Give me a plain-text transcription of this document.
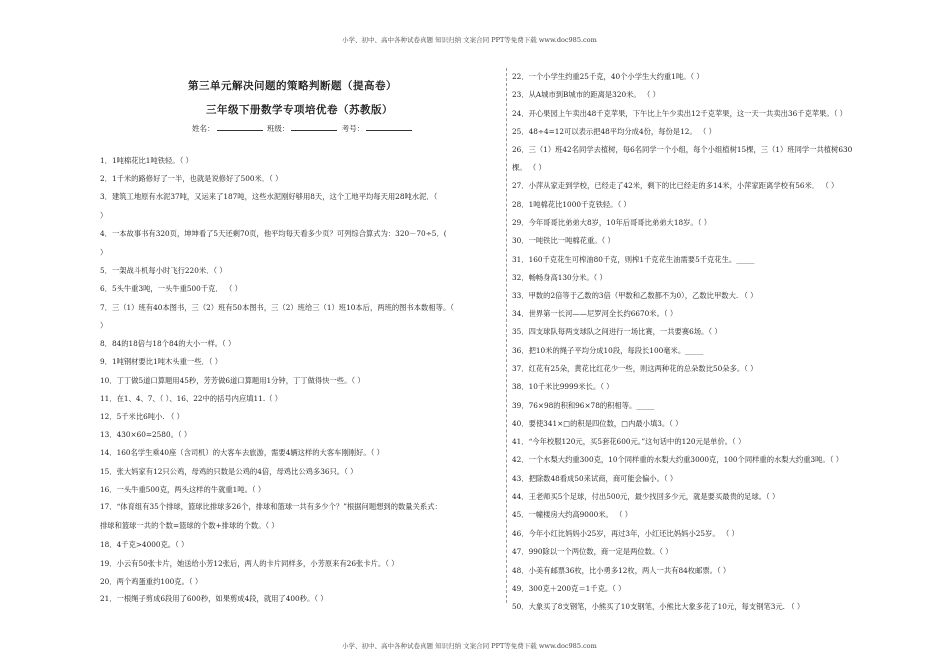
小学、初中、高中各种试卷真题 知识归纳 文案合同 PPT等免费下载 www.doc985.com
第三单元解决问题的策略判断题（提高卷）
三年级下册数学专项培优卷（苏教版）
姓名：	班级：	考号：
1．1吨棉花比1吨铁轻。（ ）
2．1千米的路修好了一半，也就是说修好了500米．（ ）
3．建筑工地原有水泥37吨，又运来了187吨，这些水泥刚好够用8天，这个工地平均每天用28吨水泥．（
）
4．一本故事书有320页，坤坤看了5天还剩70页，他平均每天看多少页？可列综合算式为：320－70÷5．(
）
5．一架战斗机每小时飞行220米．（ ）
6．5头牛重3吨，一头牛重500千克． （ ）
7．三（1）班有40本图书，三（2）班有50本图书，三（2）班给三（1）班10本后，两班的图书本数相等。（
）
8．84的18倍与18个84的大小一样。（ ）
9．1吨钢材要比1吨木头重一些．（ ）
10．丁丁做5道口算题用45秒，芳芳做6道口算题用1分钟，丁丁做得快一些。（ ）
11．在1、4、7、（ ）、16、22中的括号内应填11.（ ）
12．5千米比6吨小. （ ）
13．430×60=2580。（ ）
14．160名学生乘40座（含司机）的大客车去旅游，需要4辆这样的大客车刚刚好。（ ）
15．张大妈家有12只公鸡，母鸡的只数是公鸡的4倍，母鸡比公鸡多36只。（ ）
16．一头牛重500克，两头这样的牛就重1吨。（ ）
17．“体育组有35个排球，篮球比排球多26个，排球和篮球一共有多少个？”根据问题想到的数量关系式：
排球和篮球一共的个数=篮球的个数+排球的个数。（ ）
18．4千克>4000克。（ ）
19．小云有50张卡片，她送给小芳12张后，两人的卡片同样多，小芳原来有26张卡片。（ ）
20．两个鸡蛋重约100克。（ ）
21．一根绳子剪成6段用了600秒，如果剪成4段，就用了400秒。（ ）
22．一个小学生约重25千克，40个小学生大约重1吨。（ ）
23．从A城市到B城市的距离是320米。 （ ）
24．开心果园上午卖出48千克苹果，下午比上午少卖出12千克苹果，这一天一共卖出36千克苹果。（ ）
25．48÷4=12可以表示把48平均分成4份，每份是12。 （ ）
26．三（1）班42名同学去植树，每6名同学一个小组，每个小组植树15棵，三（1）班同学一共植树630
棵。 （ ）
27．小萍从家走到学校，已经走了42米，剩下的比已经走的多14米，小萍家距离学校有56米． （ ）
28．1吨棉花比1000千克铁轻。（ ）
29．今年哥哥比弟弟大8岁，10年后哥哥比弟弟大18岁。（ ）
30．一吨铁比一吨棉花重。（ ）
31．160千克花生可榨油80千克，则榨1千克花生油需要5千克花生。_____
32．畅畅身高130分米。（ ）
33．甲数的2倍等于乙数的3倍（甲数和乙数都不为0），乙数比甲数大. （ ）
34．世界第一长河——尼罗河全长约6670米。（ ）
35．四支球队每两支球队之间进行一场比赛，一共要赛6场。（ ）
36．把10米的绳子平均分成10段，每段长100毫米。_____
37．红花有25朵，黄花比红花少一些，则这两种花的总朵数比50朵多。（ ）
38．10千米比9999米长。（ ）
39．76×98的积和96×78的积相等。_____
40．要使341×□的积是四位数，□内最小填3。（ ）
41．“今年校服120元，买5套花600元。”这句话中的120元是单价。（ ）
42．一个水梨大约重300克，10个同样重的水梨大约重3000克，100个同样重的水梨大约重3吨。（ ）
43．把除数48看成50来试商，商可能会偏小。（ ）
44．王老师买5个足球，付出500元，最少找回多少元，就是要买最贵的足球。（ ）
45．一幢楼房大约高9000米。 （ ）
46．今年小红比妈妈小25岁，再过3年，小红还比妈妈小25岁。 （ ）
47．990除以一个两位数，商一定是两位数。（ ）
48．小美有邮票36枚，比小勇多12枚，两人一共有84枚邮票。（ ）
49．300克＋200克＝1千克。（ ）
50．大象买了8支钢笔，小熊买了10支钢笔，小熊比大象多花了10元，每支钢笔3元. （ ）
小学、初中、高中各种试卷真题 知识归纳 文案合同 PPT等免费下载 www.doc985.com
